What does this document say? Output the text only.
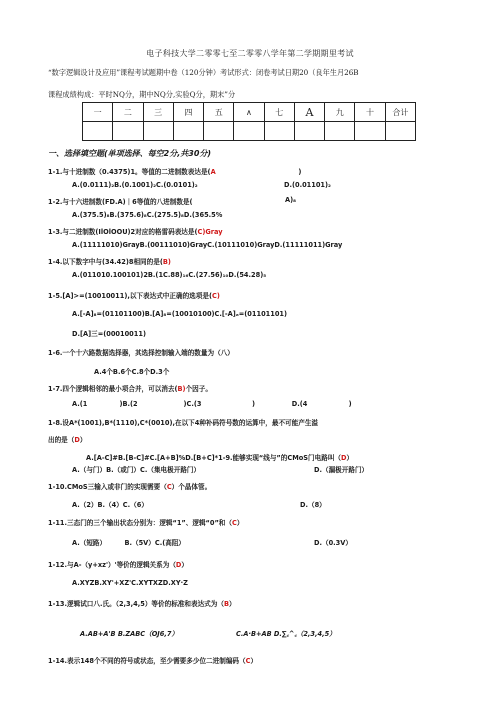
电子科技大学二零零七至二零零八学年第二学期期里考试
“数字逻辑设计及应用”课程考试题期中卷（120分钟）考试形式：闭卷考试日期20（良年生月26B
课程成绩构成：平时NQ分，期中NQ分,实验Q分，期末”分
一	二	三	四	五	∧	七	A	九	十	合计

一、选择填空题(单项选择、每空2分,共30分)
1-1.与十进制数（0.4375)1。等值的二进制数表达是(A                                    )
A.(0.0111)₂B.(0.1001)₂C.(0.0101)₂	D.(0.01101)₂
1-2.与十六进制数(FD.A)｜6等值的八进制数是(	A)₈
A.(375.5)₈B.(375.6)₈C.(275.5)₈D.(365.5%
1-3.与二进制数(IlOlOOU)2对应的格雷码表达是(C)Gray
A.(11111010)GrayB.(00111010)GrayC.(10111010)GrayD.(11111011)Gray
1-4.以下数字中与(34.42)8相同的是(B)
A.(011010.100101)2B.(1C.88)₁₆C.(27.56)₁₀D.(54.28)₅
1-5.[A]>=(10010011),以下表达式中正确的选项是(C)
A.[-A]₈=(01101100)B.[A]₈=(10010100)C.[-A]ₐ=(01101101)
D.[A]三=(00010011)
1-6.一个十六路数据选择器，其选择控制输入端的数量为（八）
A.4个B.6个C.8个D.3个
1-7.四个逻辑相邻的最小项合并，可以消去(B)个因子。
A.(1              )B.(2                    )C.(3                      )                D.(4                  )
1-8.设A*(1001),B*(1110),C*(0010),在以下4种补码符号数的运算中，最不可能产生溢
出的是（D）
A.[A-C]#B.[B-C]#C.[A+B]%D.[B+C]*1-9.能够实现“线与”的CMoS门电路叫（D）
A.（与门）B.（或门）C.（集电极开路门）	D.（漏极开路门）
1-10.CMoS三输入或非门的实现需要（C）个晶体管。
A.（2）B.（4）C.（6）	D.（8）
1-11.三态门的三个输出状态分别为：逻辑“1”、逻辑“0”和（C）
A.（短路）        B.（5V）C.(高阻）	D.（0.3V）
1-12.与A-（y+xz'）'等价的逻辑关系为（D）
A.XYZB.XY'+XZ'C.XYTXZD.XY·Z
1-13.逻辑试口八.氏。（2,3,4,5）等价的标准和表达式为（B）
A.AB+A'B B.ZABC（OJ6,7）	C.A·B+AB D.∑꜀^꜀（2,3,4,5）
1-14.表示148个不同的符号或状态，至少需要多少位二进制编码（C）
